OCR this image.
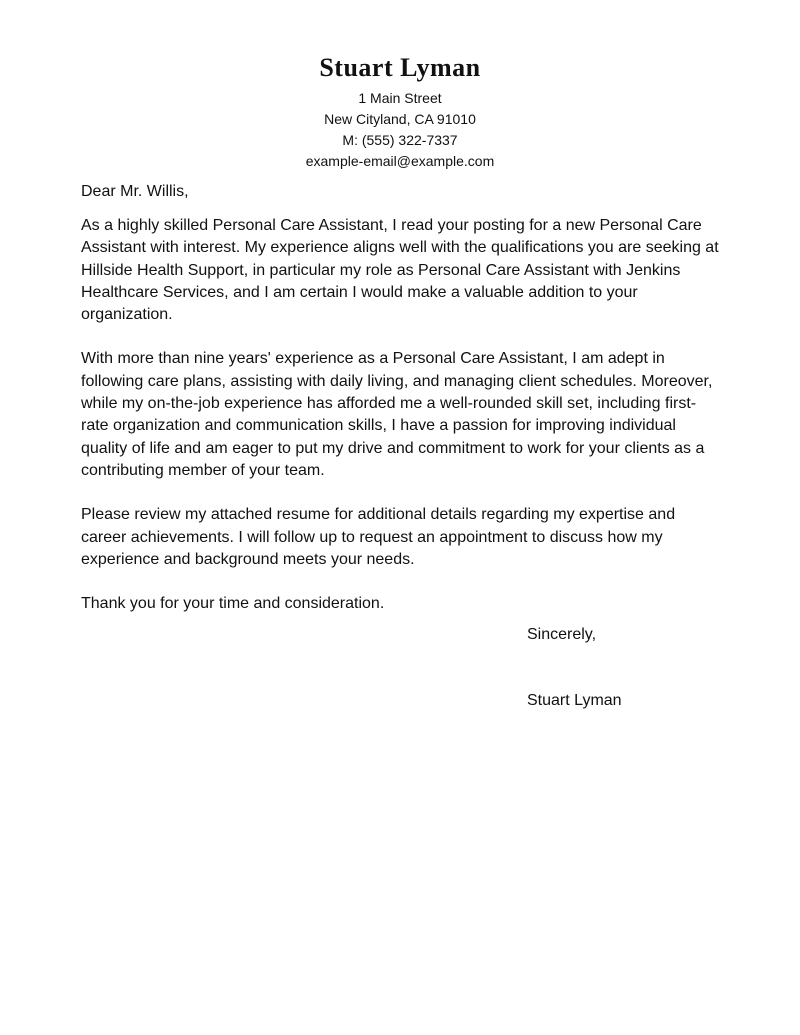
Stuart Lyman
1 Main Street
New Cityland, CA 91010
M: (555) 322-7337
example-email@example.com
Dear Mr. Willis,

As a highly skilled Personal Care Assistant, I read your posting for a new Personal Care Assistant with interest. My experience aligns well with the qualifications you are seeking at Hillside Health Support, in particular my role as Personal Care Assistant with Jenkins Healthcare Services, and I am certain I would make a valuable addition to your organization.

With more than nine years' experience as a Personal Care Assistant, I am adept in following care plans, assisting with daily living, and managing client schedules. Moreover, while my on-the-job experience has afforded me a well-rounded skill set, including first-rate organization and communication skills, I have a passion for improving individual quality of life and am eager to put my drive and commitment to work for your clients as a contributing member of your team.

Please review my attached resume for additional details regarding my expertise and career achievements. I will follow up to request an appointment to discuss how my experience and background meets your needs.

Thank you for your time and consideration.

Sincerely,
Stuart Lyman
